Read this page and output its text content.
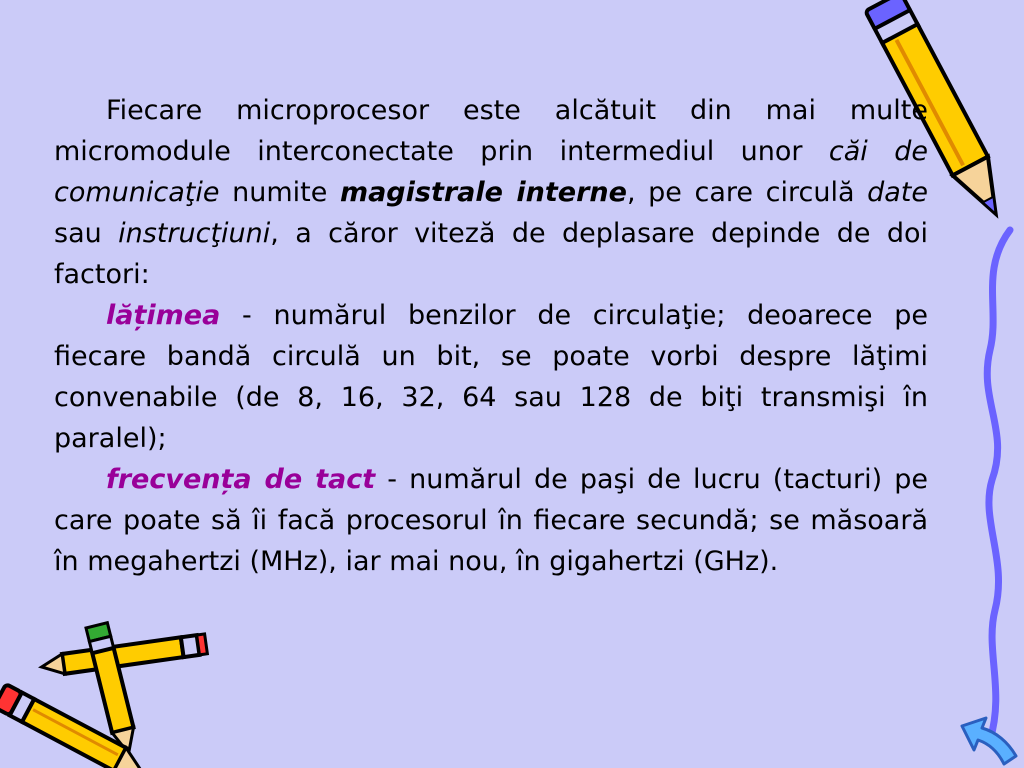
Fiecare microprocesor este alcătuit din mai multe micromodule interconectate prin intermediul unor căi de comunicaţie numite magistrale interne, pe care circulă date sau instrucţiuni, a căror viteză de deplasare depinde de doi factori:

lățimea - numărul benzilor de circulaţie; deoarece pe fiecare bandă circulă un bit, se poate vorbi despre lăţimi convenabile (de 8, 16, 32, 64 sau 128 de biţi transmişi în paralel);

frecvența de tact - numărul de paşi de lucru (tacturi) pe care poate să îi facă procesorul în fiecare secundă; se măsoară în megahertzi (MHz), iar mai nou, în gigahertzi (GHz).
